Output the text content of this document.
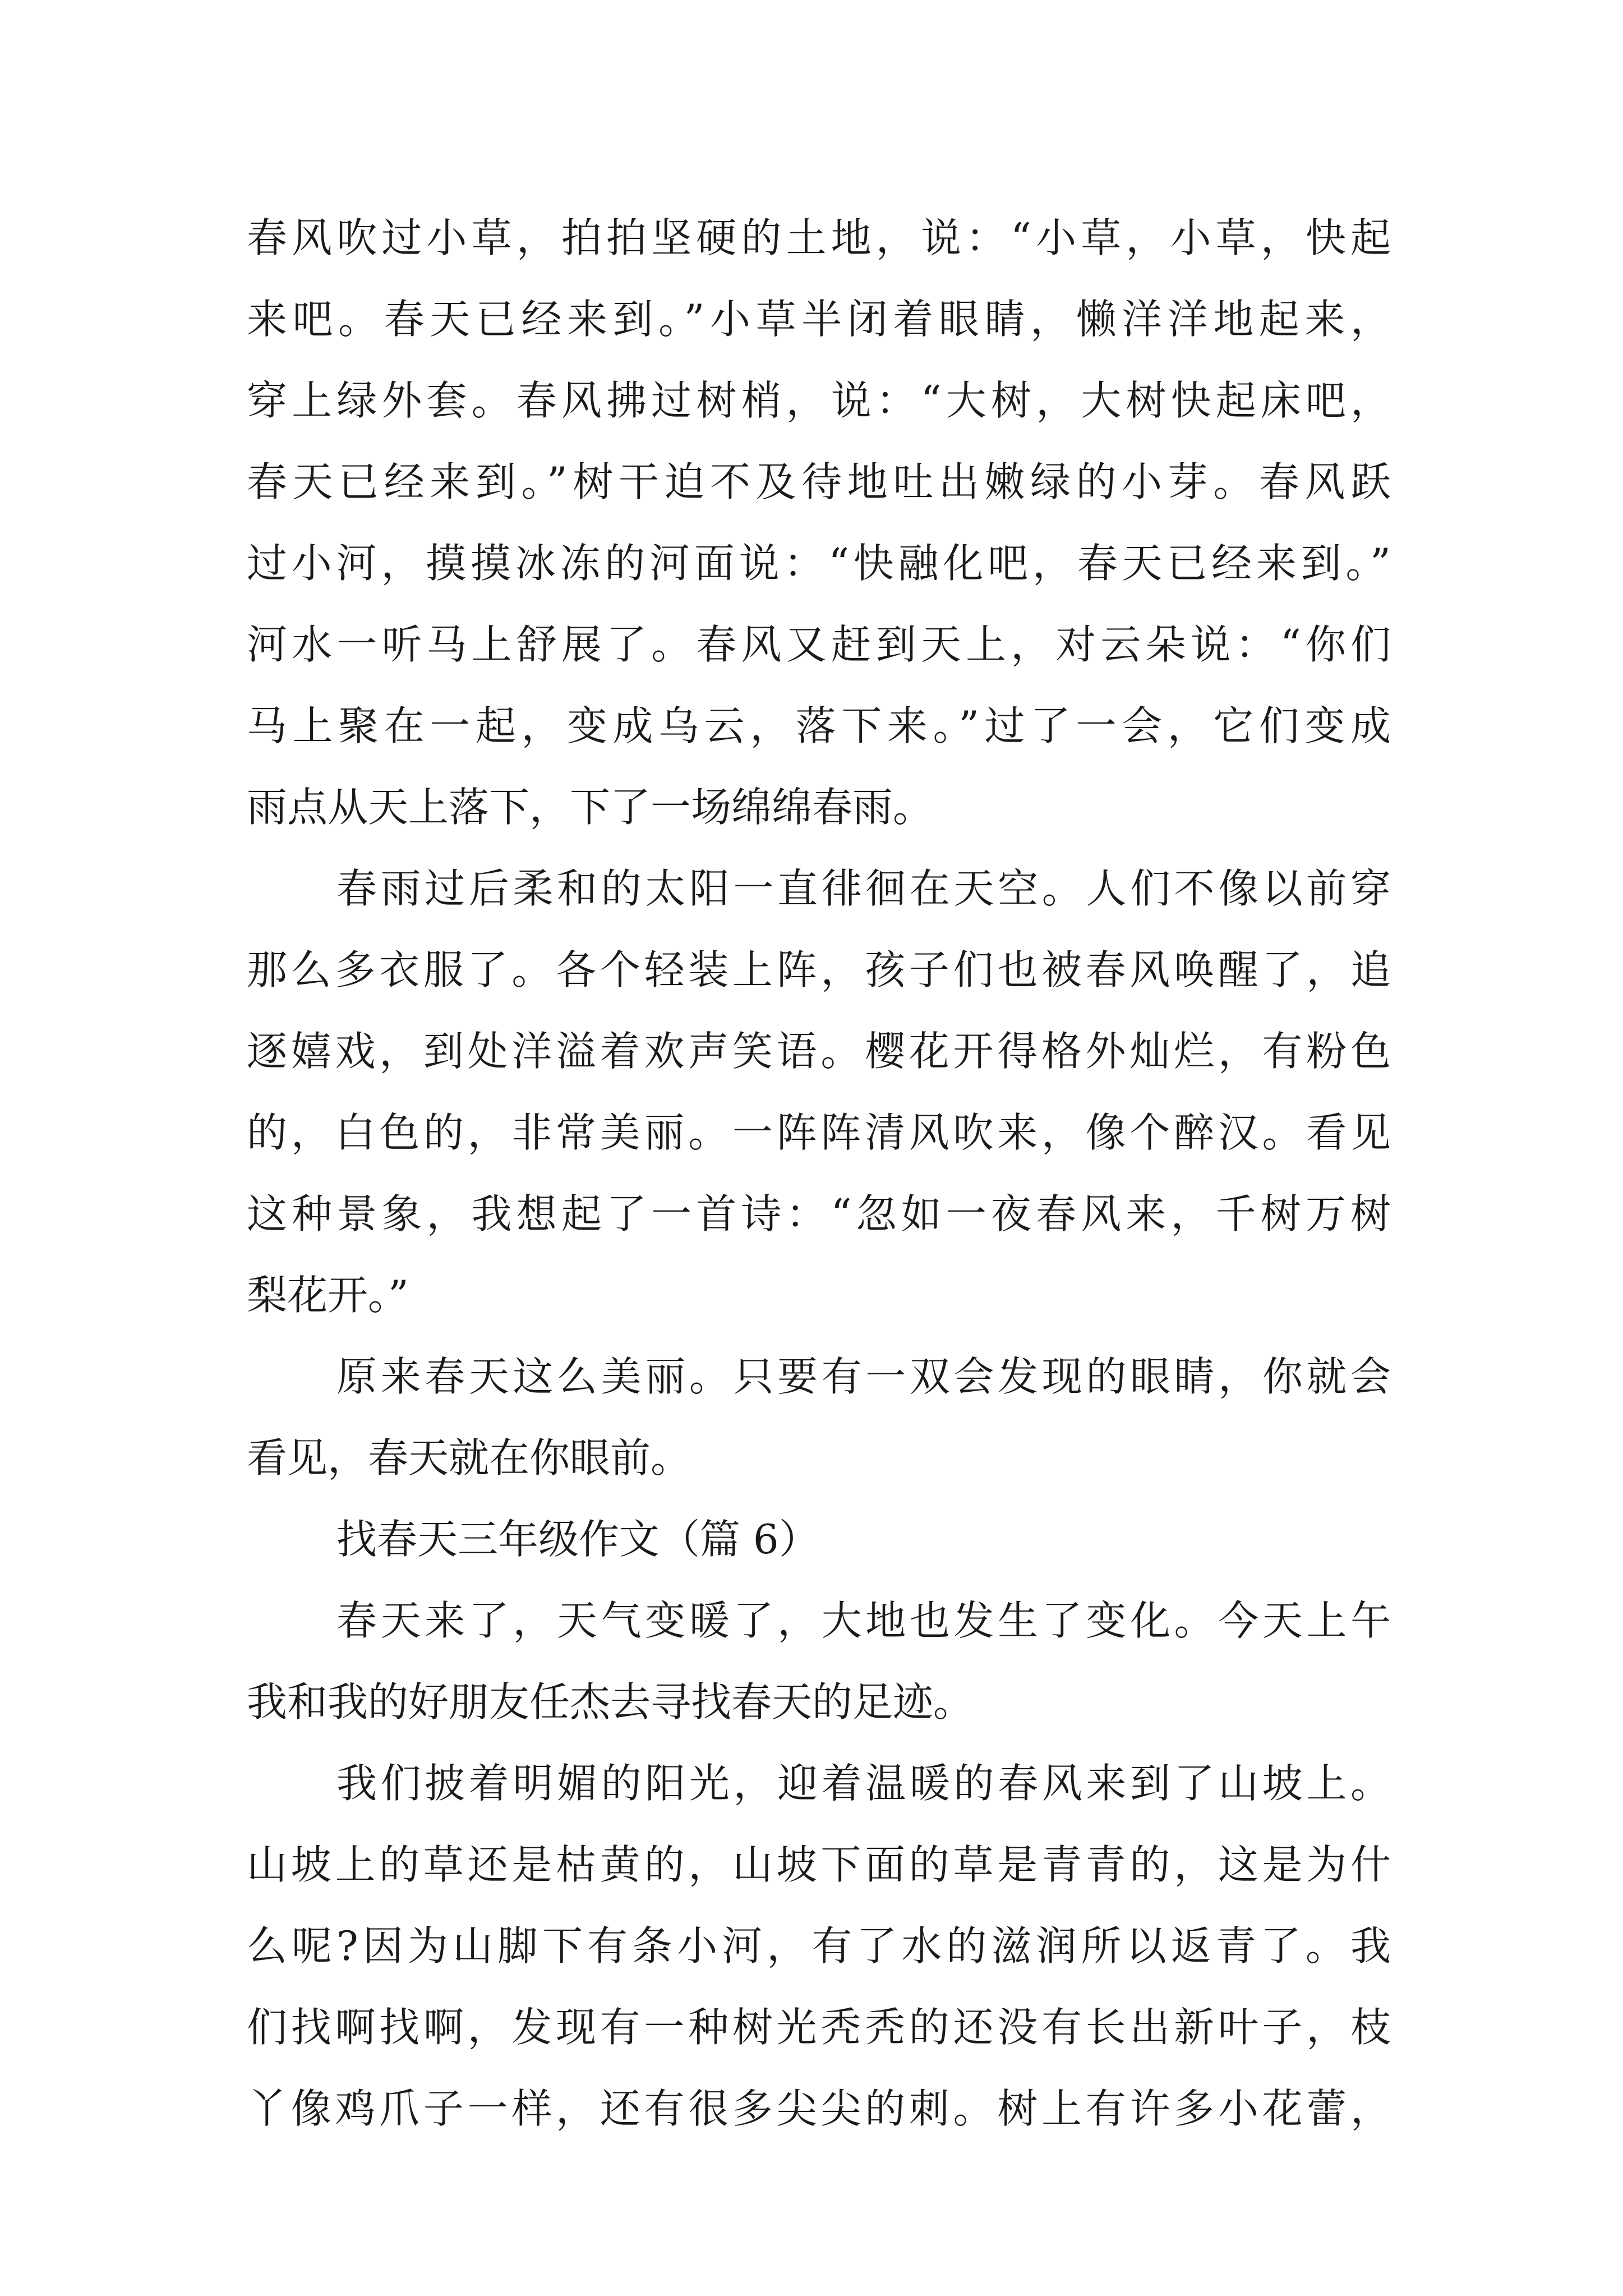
春风吹过小草，拍拍坚硬的土地，说：“小草，小草，快起
来吧。春天已经来到。”小草半闭着眼睛，懒洋洋地起来，
穿上绿外套。春风拂过树梢，说：“大树，大树快起床吧，
春天已经来到。”树干迫不及待地吐出嫩绿的小芽。春风跃
过小河，摸摸冰冻的河面说：“快融化吧，春天已经来到。”
河水一听马上舒展了。春风又赶到天上，对云朵说：“你们
马上聚在一起，变成乌云，落下来。”过了一会，它们变成
雨点从天上落下，下了一场绵绵春雨。
春雨过后柔和的太阳一直徘徊在天空。人们不像以前穿
那么多衣服了。各个轻装上阵，孩子们也被春风唤醒了，追
逐嬉戏，到处洋溢着欢声笑语。樱花开得格外灿烂，有粉色
的，白色的，非常美丽。一阵阵清风吹来，像个醉汉。看见
这种景象，我想起了一首诗：“忽如一夜春风来，千树万树
梨花开。”
原来春天这么美丽。只要有一双会发现的眼睛，你就会
看见，春天就在你眼前。
找春天三年级作文（篇 6）
春天来了，天气变暖了，大地也发生了变化。今天上午
我和我的好朋友任杰去寻找春天的足迹。
我们披着明媚的阳光，迎着温暖的春风来到了山坡上。
山坡上的草还是枯黄的，山坡下面的草是青青的，这是为什
么呢?因为山脚下有条小河，有了水的滋润所以返青了。我
们找啊找啊，发现有一种树光秃秃的还没有长出新叶子，枝
丫像鸡爪子一样，还有很多尖尖的刺。树上有许多小花蕾，
